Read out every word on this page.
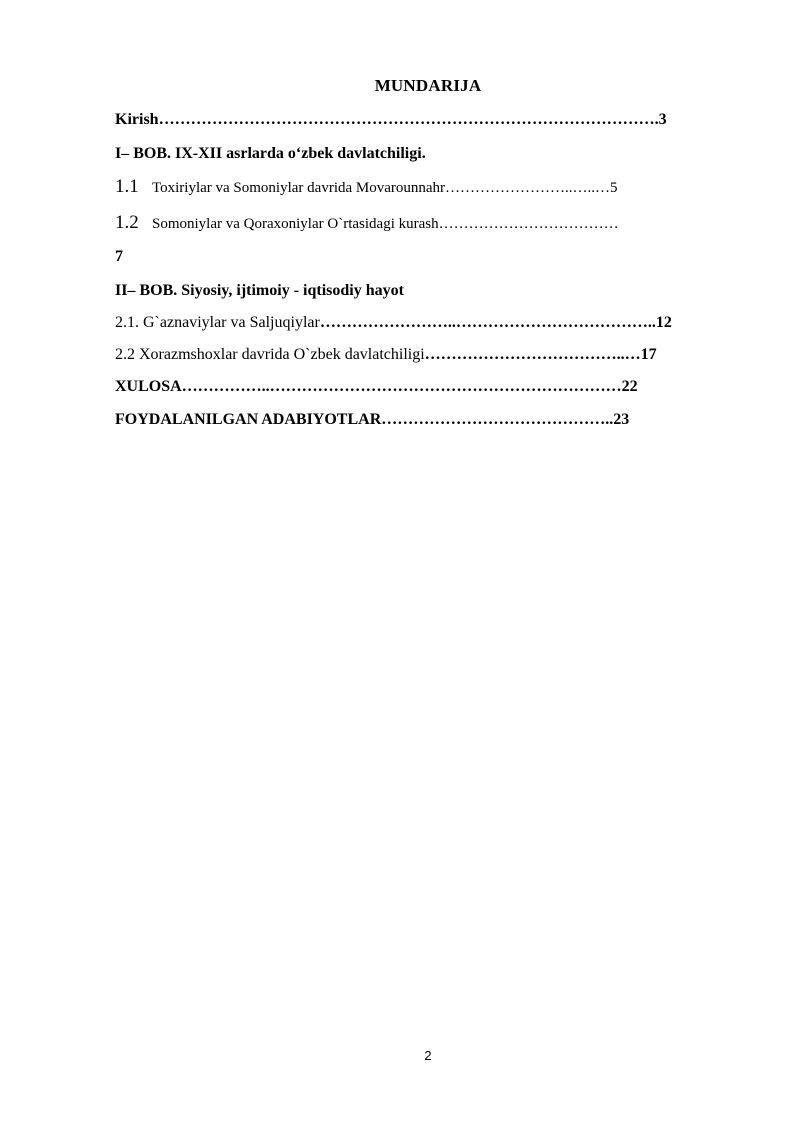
MUNDARIJA
Kirish………………………………………………………………………………….3
I– BOB. IX-XII asrlarda o‘zbek davlatchiligi.
1.1 Toxiriylar va Somoniylar davrida Movarounnahr……………………..…..…5
1.2 Somoniylar va Qoraxoniylar O`rtasidagi kurash………………………………
7
II– BOB. Siyosiy, ijtimoiy - iqtisodiy hayot
2.1. G`aznaviylar va Saljuqiylar……………………..………………………………..12
2.2 Xorazmshoxlar davrida O`zbek davlatchiligi………………………………..…17
XULOSA……………..…………………………………………………………22
FOYDALANILGAN ADABIYOTLAR……………………………………..23
2
